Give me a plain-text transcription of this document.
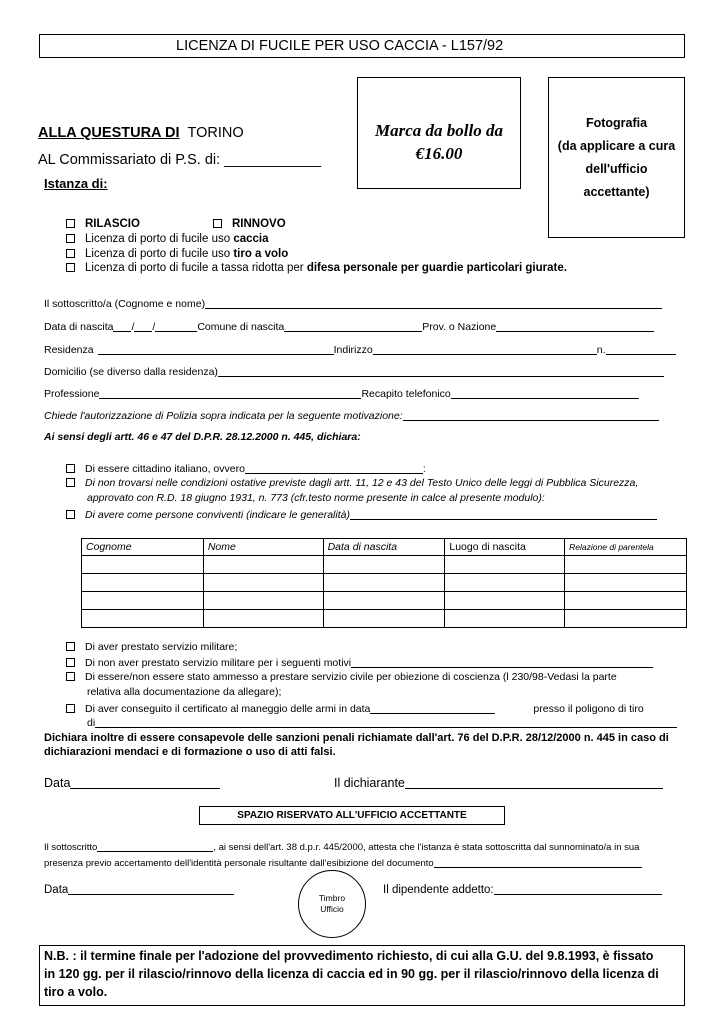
LICENZA DI FUCILE PER USO CACCIA - L157/92
ALLA QUESTURA DI TORINO
AL Commissariato di P.S. di: ____________
Istanza di:
Marca da bollo da
€16.00
Fotografia
(da applicare a cura
dell'ufficio
accettante)
RILASCIO	RINNOVO
Licenza di porto di fucile uso caccia
Licenza di porto di fucile uso tiro a volo
Licenza di porto di fucile a tassa ridotta per difesa personale per guardie particolari giurate.
Il sottoscritto/a (Cognome e nome)
Data di nascita / /	Comune di nascita	Prov. o Nazione
Residenza	Indirizzo	n.
Domicilio (se diverso dalla residenza)
Professione	Recapito telefonico
Chiede l'autorizzazione di Polizia sopra indicata per la seguente motivazione:
Ai sensi degli artt. 46 e 47 del D.P.R. 28.12.2000 n. 445, dichiara:
Di essere cittadino italiano, ovvero	:
Di non trovarsi nelle condizioni ostative previste dagli artt. 11, 12 e 43 del Testo Unico delle leggi di Pubblica Sicurezza,
approvato con R.D. 18 giugno 1931, n. 773 (cfr.testo norme presente in calce al presente modulo):
Di avere come persone conviventi (indicare le generalità)
Cognome	Nome	Data di nascita	Luogo di nascita	Relazione di parentela

Di aver prestato servizio militare;
Di non aver prestato servizio militare per i seguenti motivi
Di essere/non essere stato ammesso a prestare servizio civile per obiezione di coscienza (l 230/98-Vedasi la parte
relativa alla documentazione da allegare);
Di aver conseguito il certificato al maneggio delle armi in data	presso il poligono di tiro
di
Dichiara inoltre di essere consapevole delle sanzioni penali richiamate dall'art. 76 del D.P.R. 28/12/2000 n. 445 in caso di
dichiarazioni mendaci e di formazione o uso di atti falsi.
Data	Il dichiarante
SPAZIO RISERVATO ALL'UFFICIO ACCETTANTE
Il sottoscritto	, ai sensi dell'art. 38 d.p.r. 445/2000, attesta che l'istanza è stata sottoscritta dal sunnominato/a in sua
presenza previo accertamento dell'identità personale risultante dall'esibizione del documento
Data
Timbro
Ufficio
Il dipendente addetto:
N.B. : il termine finale per l'adozione del provvedimento richiesto, di cui alla G.U. del 9.8.1993, è fissato
in 120 gg. per il rilascio/rinnovo della licenza di caccia ed in 90 gg. per il rilascio/rinnovo della licenza di
tiro a volo.
